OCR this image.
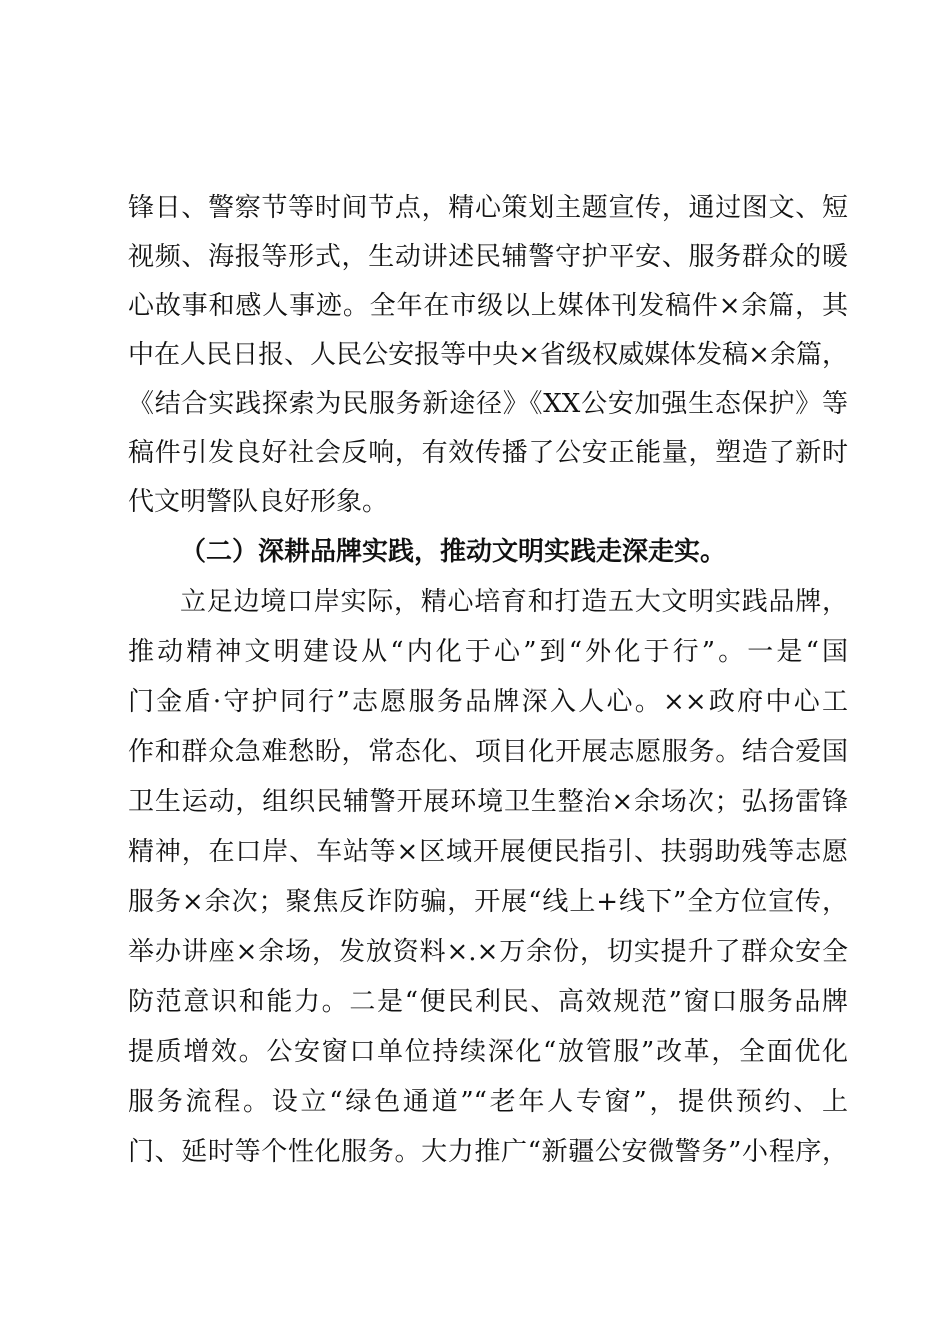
锋日、警察节等时间节点，精心策划主题宣传，通过图文、短
视频、海报等形式，生动讲述民辅警守护平安、服务群众的暖
心故事和感人事迹。全年在市级以上媒体刊发稿件×余篇，其
中在人民日报、人民公安报等中央×省级权威媒体发稿×余篇，
《结合实践探索为民服务新途径》《XX公安加强生态保护》等
稿件引发良好社会反响，有效传播了公安正能量，塑造了新时
代文明警队良好形象。
（二）深耕品牌实践，推动文明实践走深走实。
立足边境口岸实际，精心培育和打造五大文明实践品牌，
推动精神文明建设从“内化于心”到“外化于行”。一是“国
门金盾·守护同行”志愿服务品牌深入人心。××政府中心工
作和群众急难愁盼，常态化、项目化开展志愿服务。结合爱国
卫生运动，组织民辅警开展环境卫生整治×余场次；弘扬雷锋
精神，在口岸、车站等×区域开展便民指引、扶弱助残等志愿
服务×余次；聚焦反诈防骗，开展“线上+线下”全方位宣传，
举办讲座×余场，发放资料×.×万余份，切实提升了群众安全
防范意识和能力。二是“便民利民、高效规范”窗口服务品牌
提质增效。公安窗口单位持续深化“放管服”改革，全面优化
服务流程。设立“绿色通道”“老年人专窗”，提供预约、上
门、延时等个性化服务。大力推广“新疆公安微警务”小程序，
